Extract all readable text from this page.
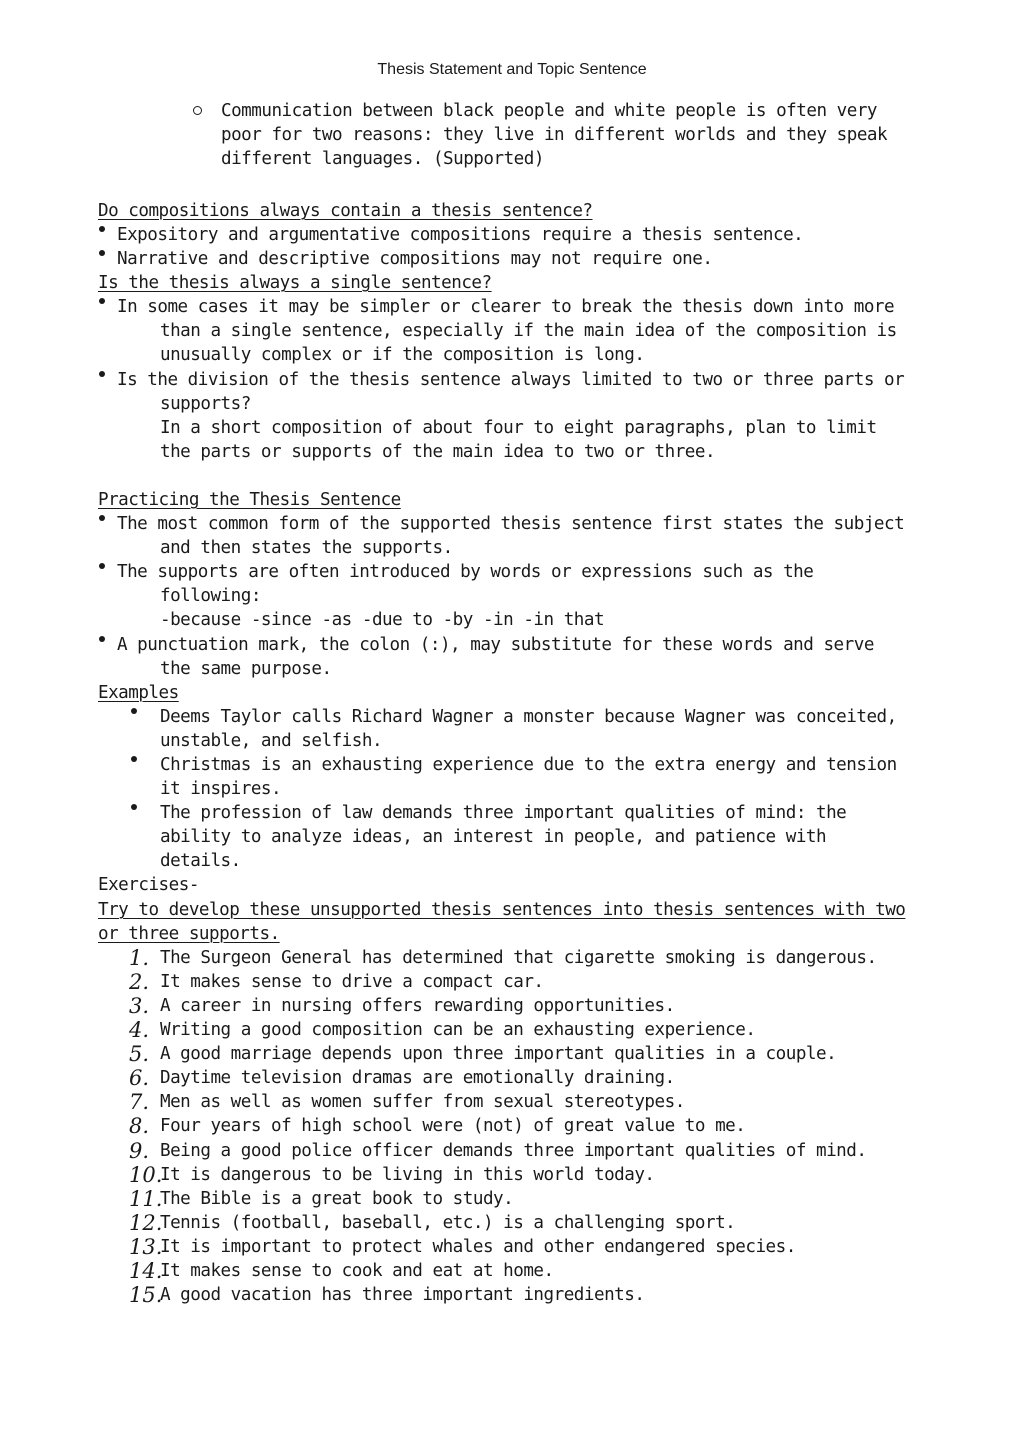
Thesis Statement and Topic Sentence
Communication between black people and white people is often very
poor for two reasons: they live in different worlds and they speak
different languages. (Supported)
Do compositions always contain a thesis sentence?
Expository and argumentative compositions require a thesis sentence.
Narrative and descriptive compositions may not require one.
Is the thesis always a single sentence?
In some cases it may be simpler or clearer to break the thesis down into more
than a single sentence, especially if the main idea of the composition is
unusually complex or if the composition is long.
Is the division of the thesis sentence always limited to two or three parts or
supports?
In a short composition of about four to eight paragraphs, plan to limit
the parts or supports of the main idea to two or three.
Practicing the Thesis Sentence
The most common form of the supported thesis sentence first states the subject
and then states the supports.
The supports are often introduced by words or expressions such as the
following:
-because -since -as -due to -by -in -in that
A punctuation mark, the colon (:), may substitute for these words and serve
the same purpose.
Examples
Deems Taylor calls Richard Wagner a monster because Wagner was conceited,
unstable, and selfish.
Christmas is an exhausting experience due to the extra energy and tension
it inspires.
The profession of law demands three important qualities of mind: the
ability to analyze ideas, an interest in people, and patience with
details.
Exercises-
Try to develop these unsupported thesis sentences into thesis sentences with two
or three supports.
1. The Surgeon General has determined that cigarette smoking is dangerous.
2. It makes sense to drive a compact car.
3. A career in nursing offers rewarding opportunities.
4. Writing a good composition can be an exhausting experience.
5. A good marriage depends upon three important qualities in a couple.
6. Daytime television dramas are emotionally draining.
7. Men as well as women suffer from sexual stereotypes.
8. Four years of high school were (not) of great value to me.
9. Being a good police officer demands three important qualities of mind.
10.
It is dangerous to be living in this world today.
11.
The Bible is a great book to study.
12.
Tennis (football, baseball, etc.) is a challenging sport.
13.
It is important to protect whales and other endangered species.
14.
It makes sense to cook and eat at home.
15.
A good vacation has three important ingredients.
